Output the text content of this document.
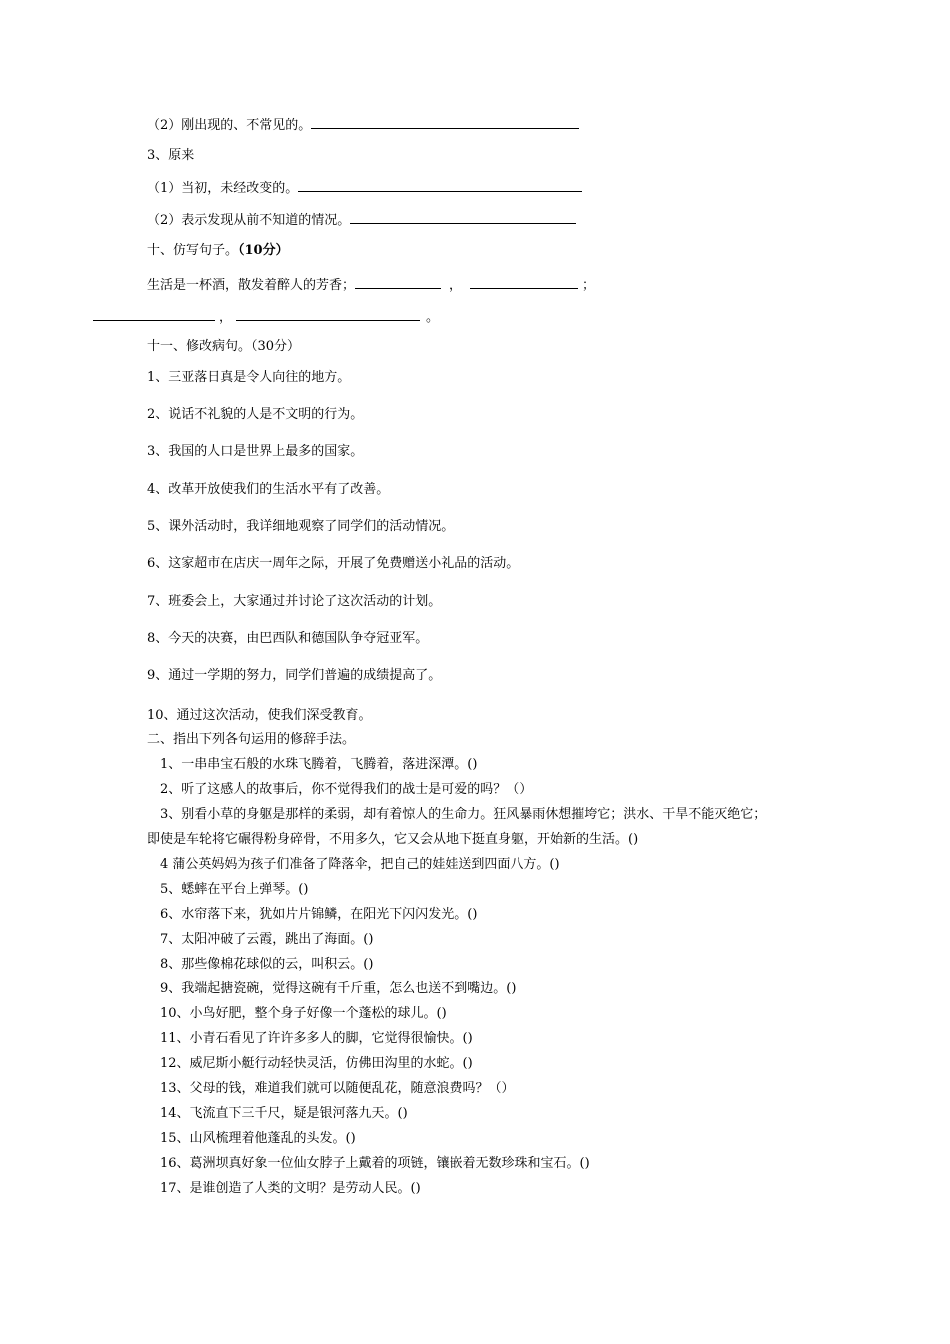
（2）刚出现的、不常见的。
3、原来
（1）当初，未经改变的。
（2）表示发现从前不知道的情况。
十、仿写句子。（10分）
生活是一杯酒，散发着醉人的芳香；	，	；
，	。
十一、修改病句。（30分）
1、三亚落日真是令人向往的地方。
2、说话不礼貌的人是不文明的行为。
3、我国的人口是世界上最多的国家。
4、改革开放使我们的生活水平有了改善。
5、课外活动时，我详细地观察了同学们的活动情况。
6、这家超市在店庆一周年之际，开展了免费赠送小礼品的活动。
7、班委会上，大家通过并讨论了这次活动的计划。
8、今天的决赛，由巴西队和德国队争夺冠亚军。
9、通过一学期的努力，同学们普遍的成绩提高了。
10、通过这次活动，使我们深受教育。
二、指出下列各句运用的修辞手法。
1、一串串宝石般的水珠飞腾着，飞腾着，落进深潭。()
2、听了这感人的故事后，你不觉得我们的战士是可爱的吗？（）
3、别看小草的身躯是那样的柔弱，却有着惊人的生命力。狂风暴雨休想摧垮它；洪水、干旱不能灭绝它；
即使是车轮将它碾得粉身碎骨，不用多久，它又会从地下挺直身躯，开始新的生活。()
4 蒲公英妈妈为孩子们准备了降落伞，把自己的娃娃送到四面八方。()
5、蟋蟀在平台上弹琴。()
6、水帘落下来，犹如片片锦鳞，在阳光下闪闪发光。()
7、太阳冲破了云霞，跳出了海面。()
8、那些像棉花球似的云，叫积云。()
9、我端起搪瓷碗，觉得这碗有千斤重，怎么也送不到嘴边。()
10、小鸟好肥，整个身子好像一个蓬松的球儿。()
11、小青石看见了许许多多人的脚，它觉得很愉快。()
12、威尼斯小艇行动轻快灵活，仿佛田沟里的水蛇。()
13、父母的钱，难道我们就可以随便乱花，随意浪费吗？（）
14、飞流直下三千尺，疑是银河落九天。()
15、山风梳理着他蓬乱的头发。()
16、葛洲坝真好象一位仙女脖子上戴着的项链，镶嵌着无数珍珠和宝石。()
17、是谁创造了人类的文明？是劳动人民。()
